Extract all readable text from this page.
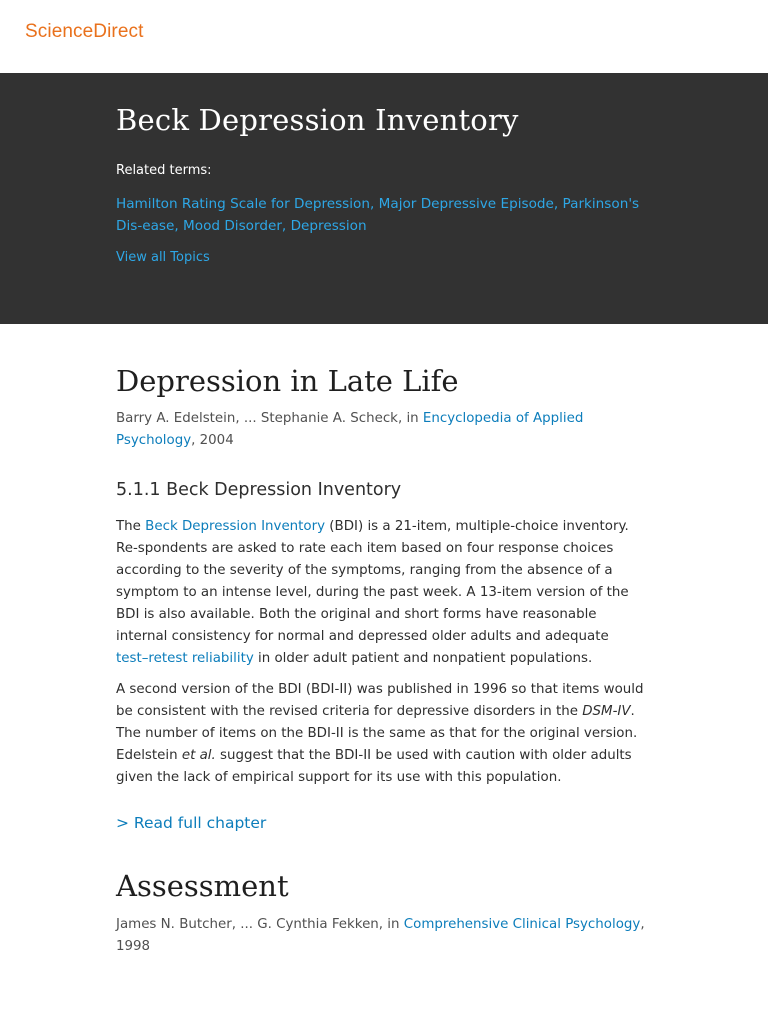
ScienceDirect
Beck Depression Inventory
Related terms:
Hamilton Rating Scale for Depression, Major Depressive Episode, Parkinson's Dis-ease, Mood Disorder, Depression
View all Topics
Depression in Late Life
Barry A. Edelstein, ... Stephanie A. Scheck, in Encyclopedia of Applied Psychology, 2004
5.1.1 Beck Depression Inventory

The Beck Depression Inventory (BDI) is a 21-item, multiple-choice inventory. Re-spondents are asked to rate each item based on four response choices according to the severity of the symptoms, ranging from the absence of a symptom to an intense level, during the past week. A 13-item version of the BDI is also available. Both the original and short forms have reasonable internal consistency for normal and depressed older adults and adequate test–retest reliability in older adult patient and nonpatient populations.

A second version of the BDI (BDI-II) was published in 1996 so that items would be consistent with the revised criteria for depressive disorders in the DSM-IV. The number of items on the BDI-II is the same as that for the original version. Edelstein et al. suggest that the BDI-II be used with caution with older adults given the lack of empirical support for its use with this population.

> Read full chapter
Assessment
James N. Butcher, ... G. Cynthia Fekken, in Comprehensive Clinical Psychology, 1998
